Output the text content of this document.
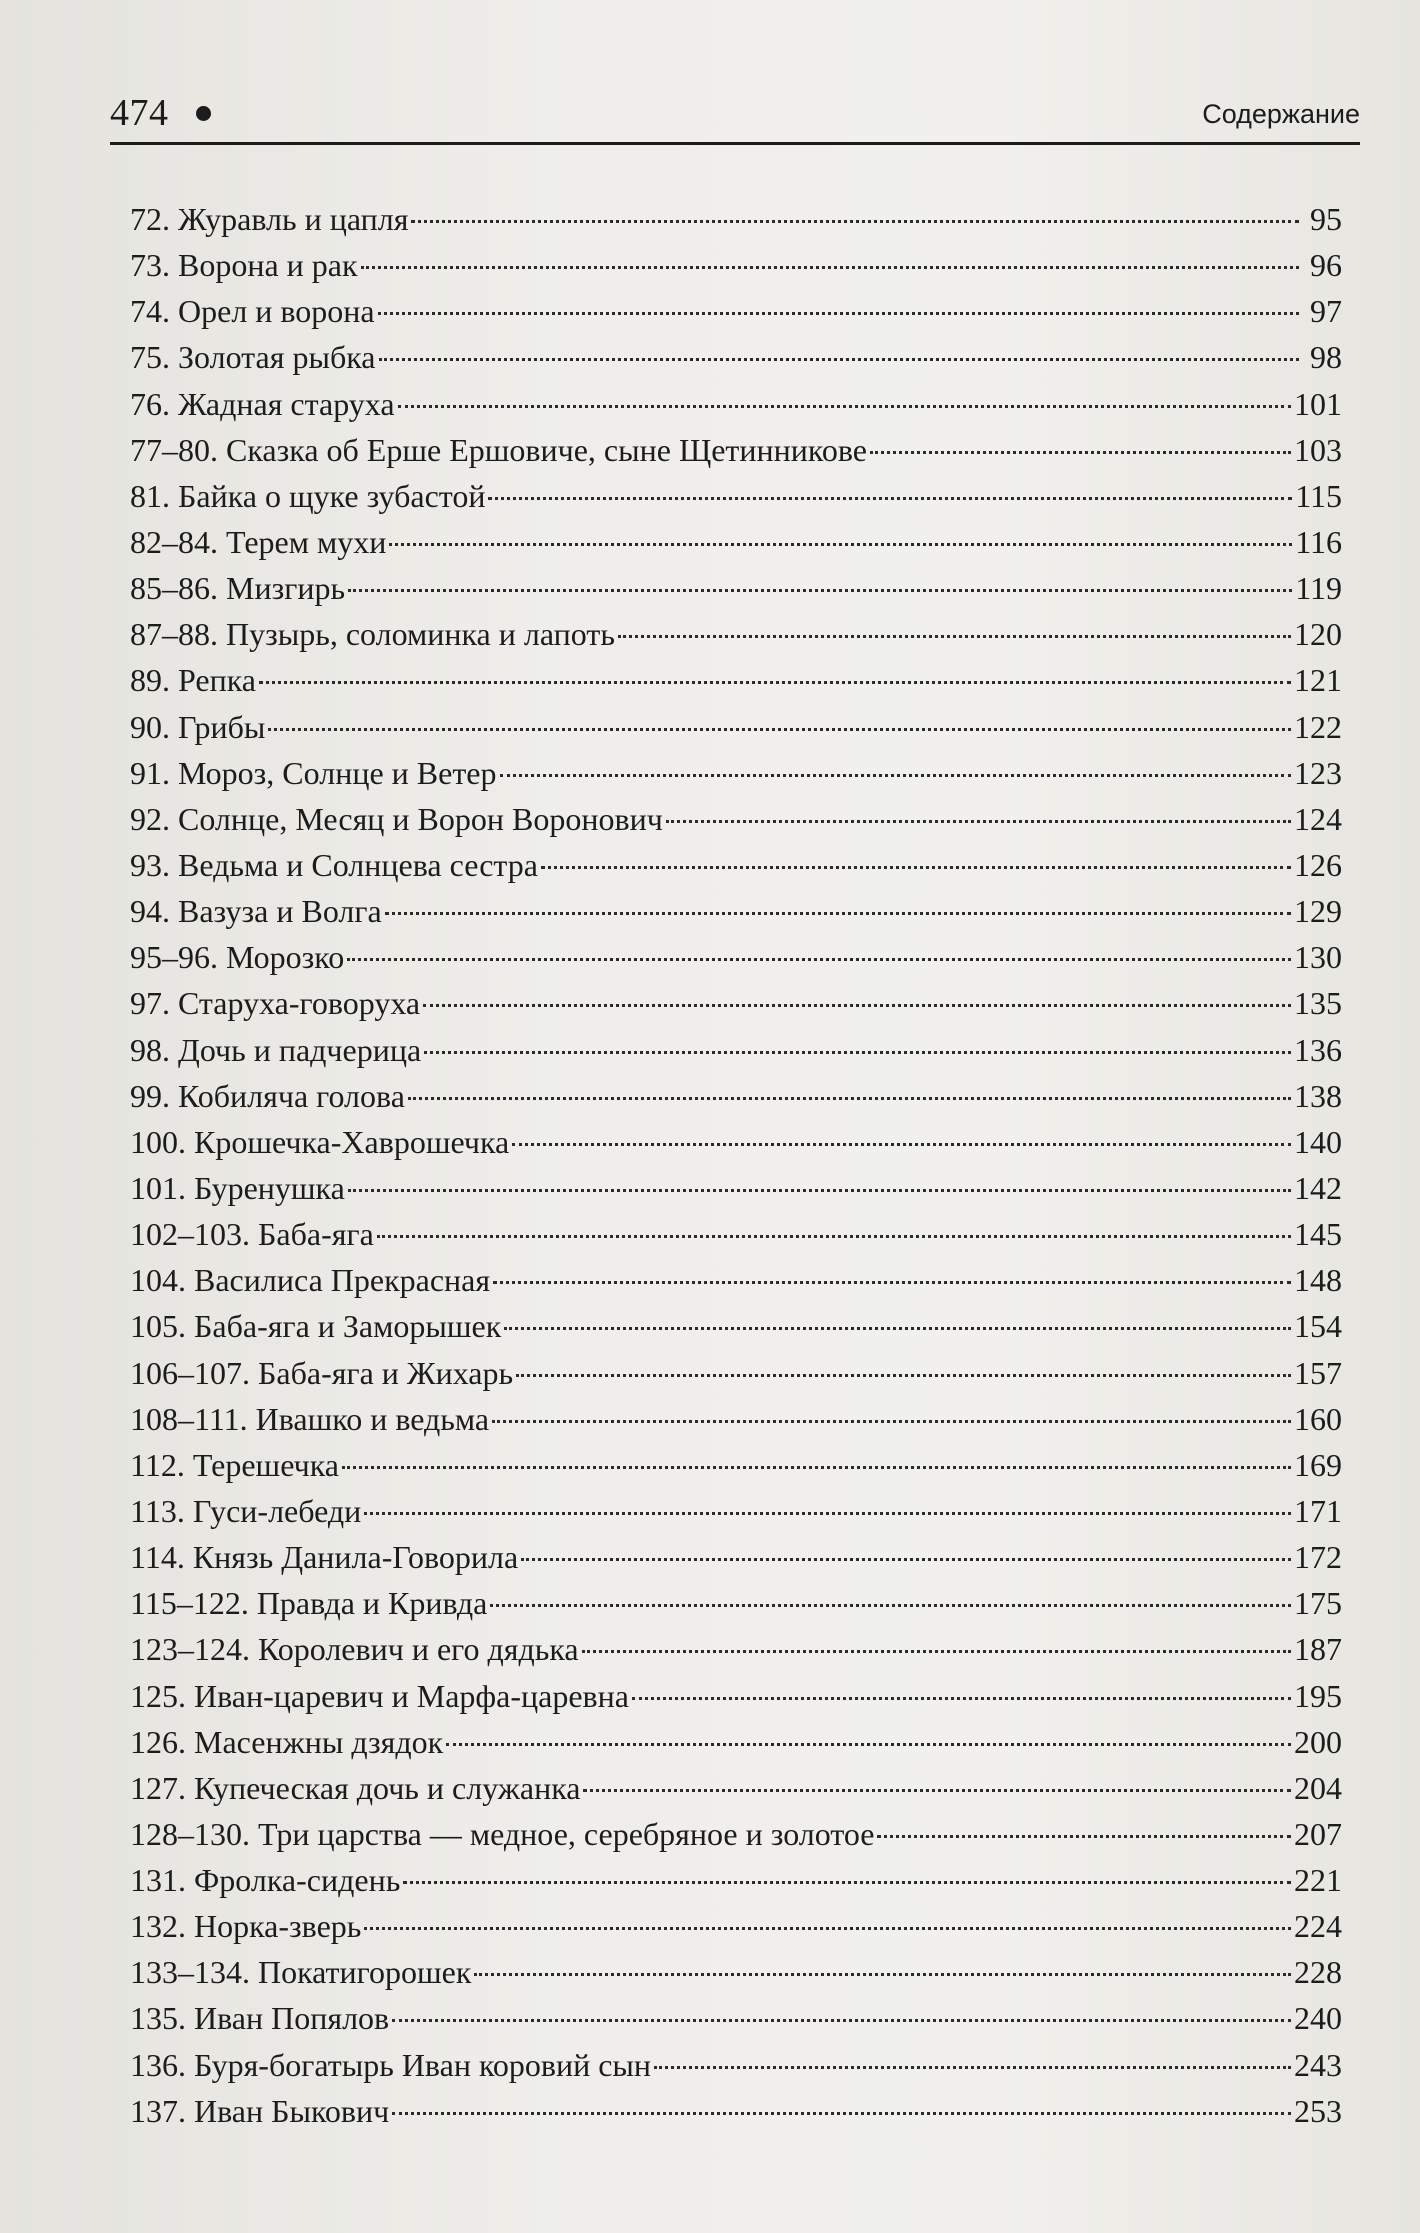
474	Содержание
72. Журавль и цапля	95
73. Ворона и рак	96
74. Орел и ворона	97
75. Золотая рыбка	98
76. Жадная старуха	101
77–80. Сказка об Ерше Ершовиче, сыне Щетинникове	103
81. Байка о щуке зубастой	115
82–84. Терем мухи	116
85–86. Мизгирь	119
87–88. Пузырь, соломинка и лапоть	120
89. Репка	121
90. Грибы	122
91. Мороз, Солнце и Ветер	123
92. Солнце, Месяц и Ворон Воронович	124
93. Ведьма и Солнцева сестра	126
94. Вазуза и Волга	129
95–96. Морозко	130
97. Старуха-говоруха	135
98. Дочь и падчерица	136
99. Кобиляча голова	138
100. Крошечка-Хаврошечка	140
101. Буренушка	142
102–103. Баба-яга	145
104. Василиса Прекрасная	148
105. Баба-яга и Заморышек	154
106–107. Баба-яга и Жихарь	157
108–111. Ивашко и ведьма	160
112. Терешечка	169
113. Гуси-лебеди	171
114. Князь Данила-Говорила	172
115–122. Правда и Кривда	175
123–124. Королевич и его дядька	187
125. Иван-царевич и Марфа-царевна	195
126. Масенжны дзядок	200
127. Купеческая дочь и служанка	204
128–130. Три царства — медное, серебряное и золотое	207
131. Фролка-сидень	221
132. Норка-зверь	224
133–134. Покатигорошек	228
135. Иван Попялов	240
136. Буря-богатырь Иван коровий сын	243
137. Иван Быкович	253
